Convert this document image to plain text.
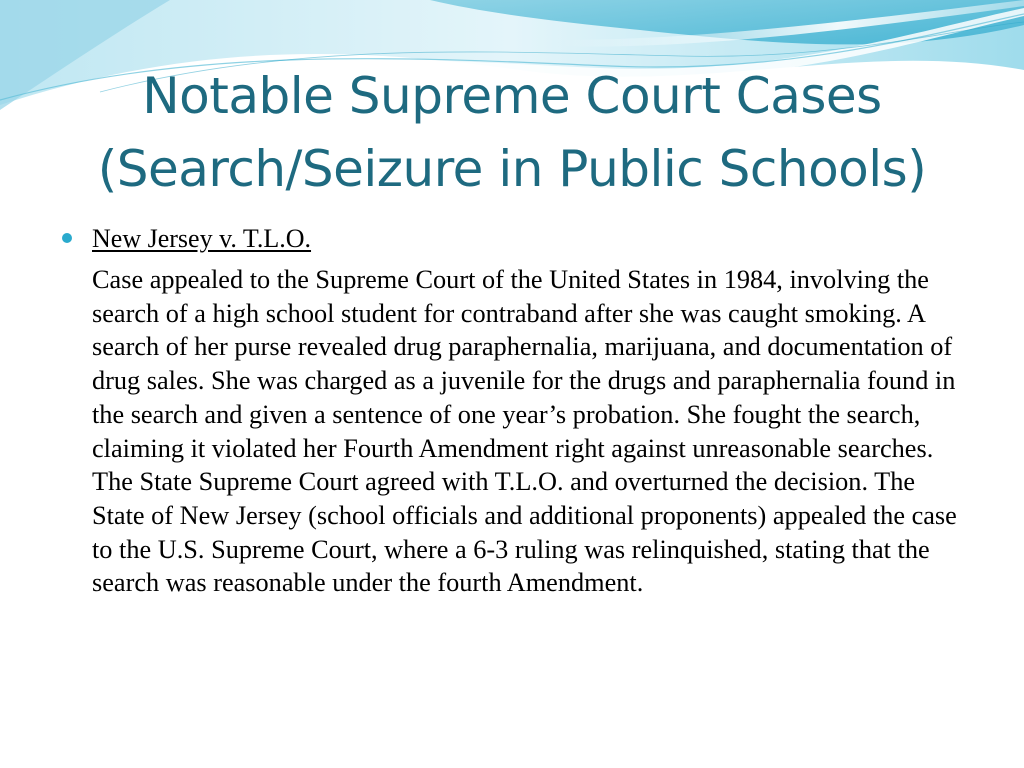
Notable Supreme Court Cases
(Search/Seizure in Public Schools)
New Jersey v. T.L.O.
Case appealed to the Supreme Court of the United States in 1984, involving the search of a high school student for contraband after she was caught smoking. A search of her purse revealed drug paraphernalia, marijuana, and documentation of drug sales. She was charged as a juvenile for the drugs and paraphernalia found in the search and given a sentence of one year’s probation. She fought the search, claiming it violated her Fourth Amendment right against unreasonable searches. The State Supreme Court agreed with T.L.O. and overturned the decision. The State of New Jersey (school officials and additional proponents) appealed the case to the U.S. Supreme Court, where a 6-3 ruling was relinquished, stating that the search was reasonable under the fourth Amendment.
